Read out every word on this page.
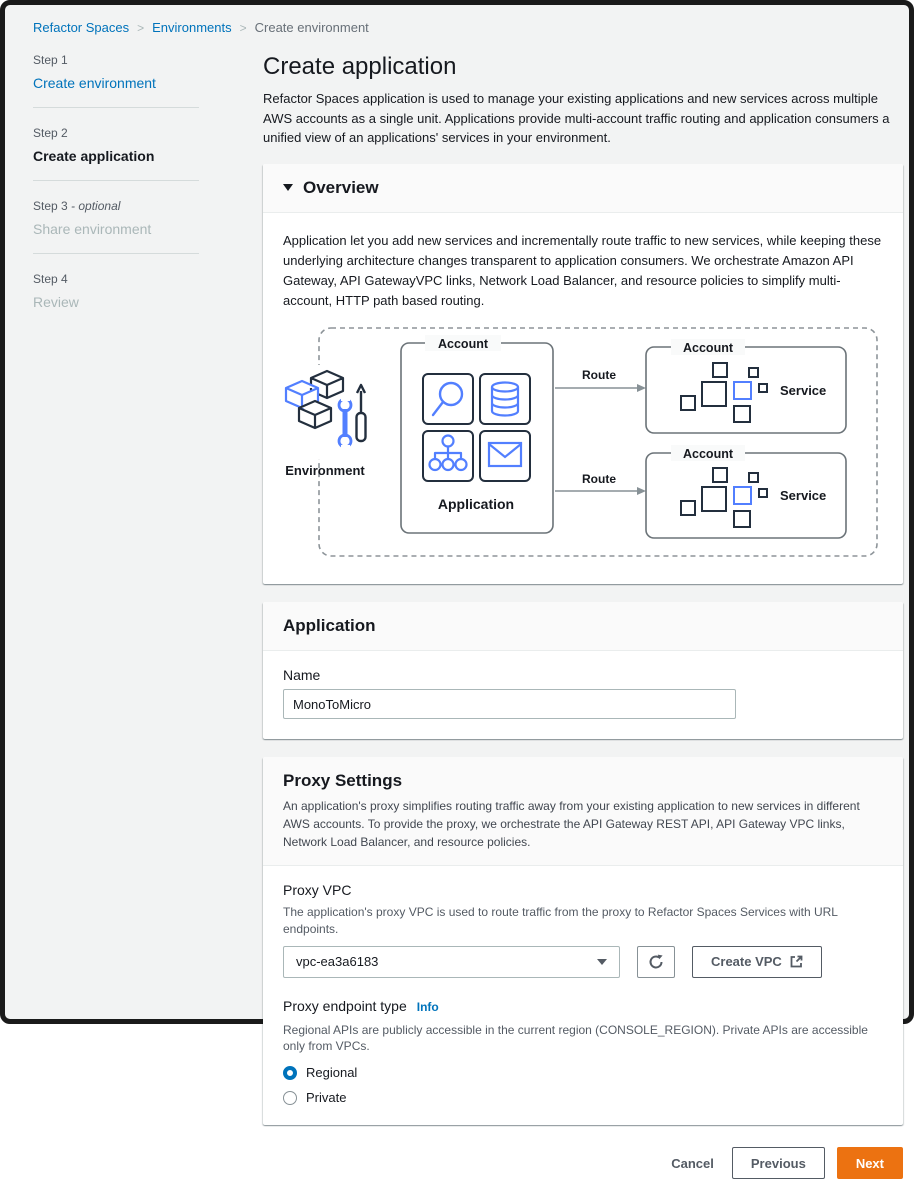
Refactor Spaces > Environments > Create environment

Step 1

Create environment

Step 2

Create application

Step 3 - optional

Share environment

Step 4

Review
Create application

Refactor Spaces application is used to manage your existing applications and new services across multiple AWS accounts as a single unit. Applications provide multi-account traffic routing and application consumers a unified view of an applications' services in your environment.

Overview

Application let you add new services and incrementally route traffic to new services, while keeping these underlying architecture changes transparent to application consumers. We orchestrate Amazon API Gateway, API GatewayVPC links, Network Load Balancer, and resource policies to simplify multi-account, HTTP path based routing.

Environment
Account
Application
Route
Route
Account
Service
Account
Service
Application

Name

MonoToMicro
Proxy Settings

An application's proxy simplifies routing traffic away from your existing application to new services in different AWS accounts. To provide the proxy, we orchestrate the API Gateway REST API, API Gateway VPC links, Network Load Balancer, and resource policies.

Proxy VPC

The application's proxy VPC is used to route traffic from the proxy to Refactor Spaces Services with URL endpoints.

vpc-ea3a6183	Create VPC

Proxy endpoint type Info

Regional APIs are publicly accessible in the current region (CONSOLE_REGION). Private APIs are accessible only from VPCs.

Regional
Private
Cancel	Previous	Next
